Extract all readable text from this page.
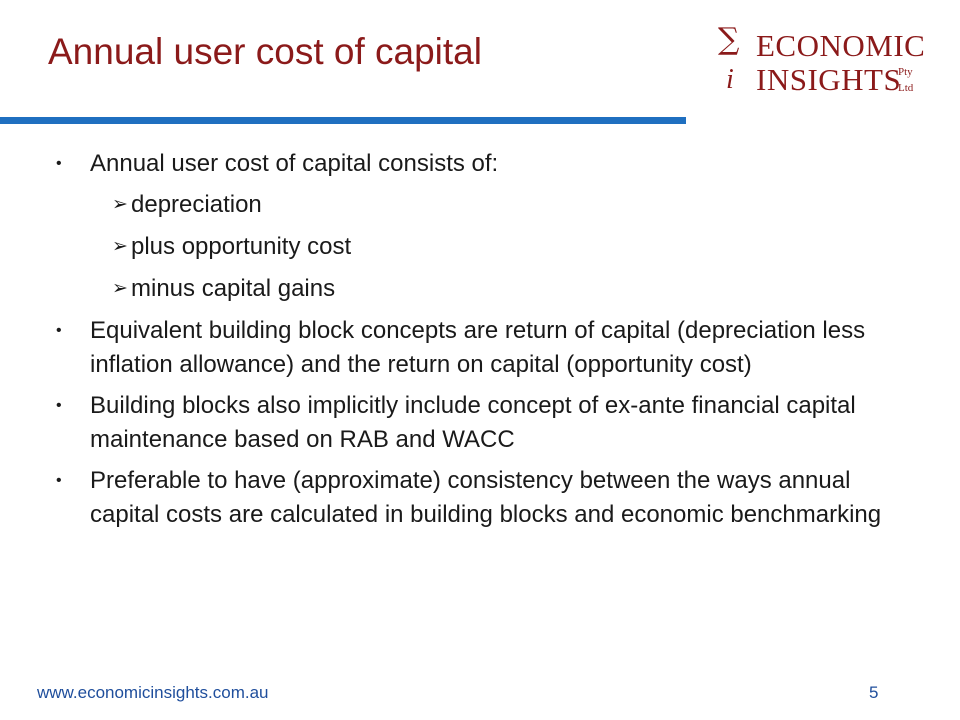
Annual user cost of capital	∑
i
ECONOMIC
INSIGHTS
Pty
Ltd
• Annual user cost of capital consists of:
➢ depreciation
➢ plus opportunity cost
➢ minus capital gains
• Equivalent building block concepts are return of capital (depreciation less inflation allowance) and the return on capital (opportunity cost)
• Building blocks also implicitly include concept of ex-ante financial capital maintenance based on RAB and WACC
• Preferable to have (approximate) consistency between the ways annual capital costs are calculated in building blocks and economic benchmarking
www.economicinsights.com.au	5
